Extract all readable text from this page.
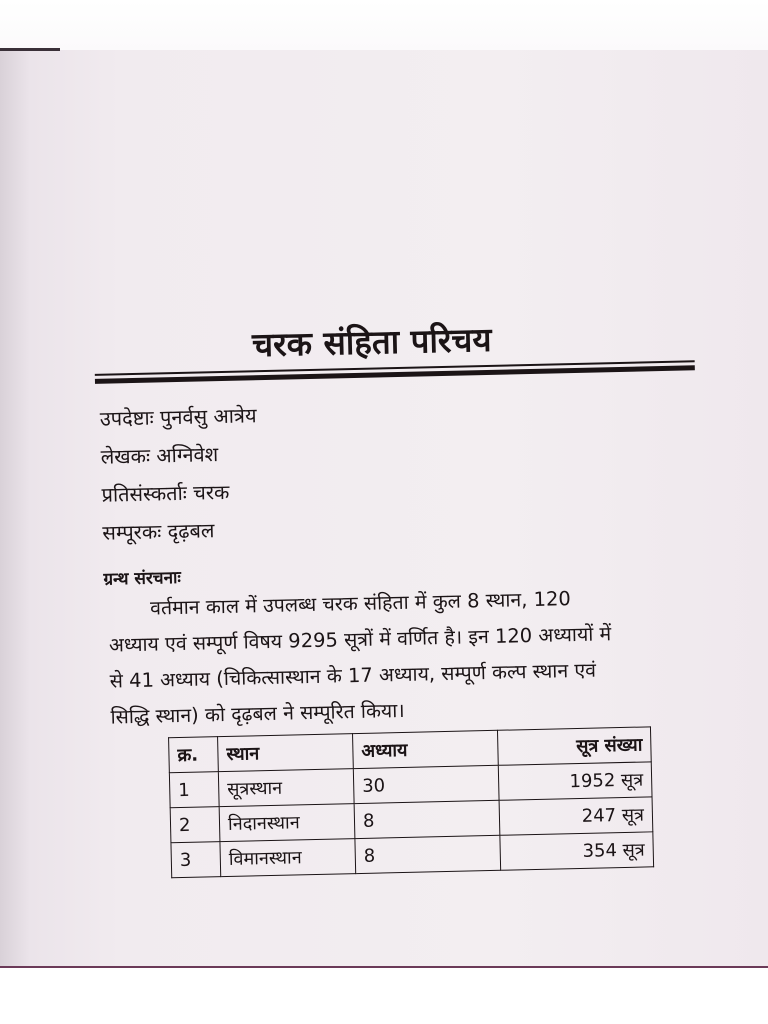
चरक संहिता परिचय
उपदेष्टाः पुनर्वसु आत्रेय
लेखकः अग्निवेश
प्रतिसंस्कर्ताः चरक
सम्पूरकः दृढ़बल
ग्रन्थ संरचनाः
वर्तमान काल में उपलब्ध चरक संहिता में कुल 8 स्थान, 120
अध्याय एवं सम्पूर्ण विषय 9295 सूत्रों में वर्णित है। इन 120 अध्यायों में
से 41 अध्याय (चिकित्सास्थान के 17 अध्याय, सम्पूर्ण कल्प स्थान एवं
सिद्धि स्थान) को दृढ़बल ने सम्पूरित किया।
क्र.	स्थान	अध्याय	सूत्र संख्या
1	सूत्रस्थान	30	1952 सूत्र
2	निदानस्थान	8	247 सूत्र
3	विमानस्थान	8	354 सूत्र
